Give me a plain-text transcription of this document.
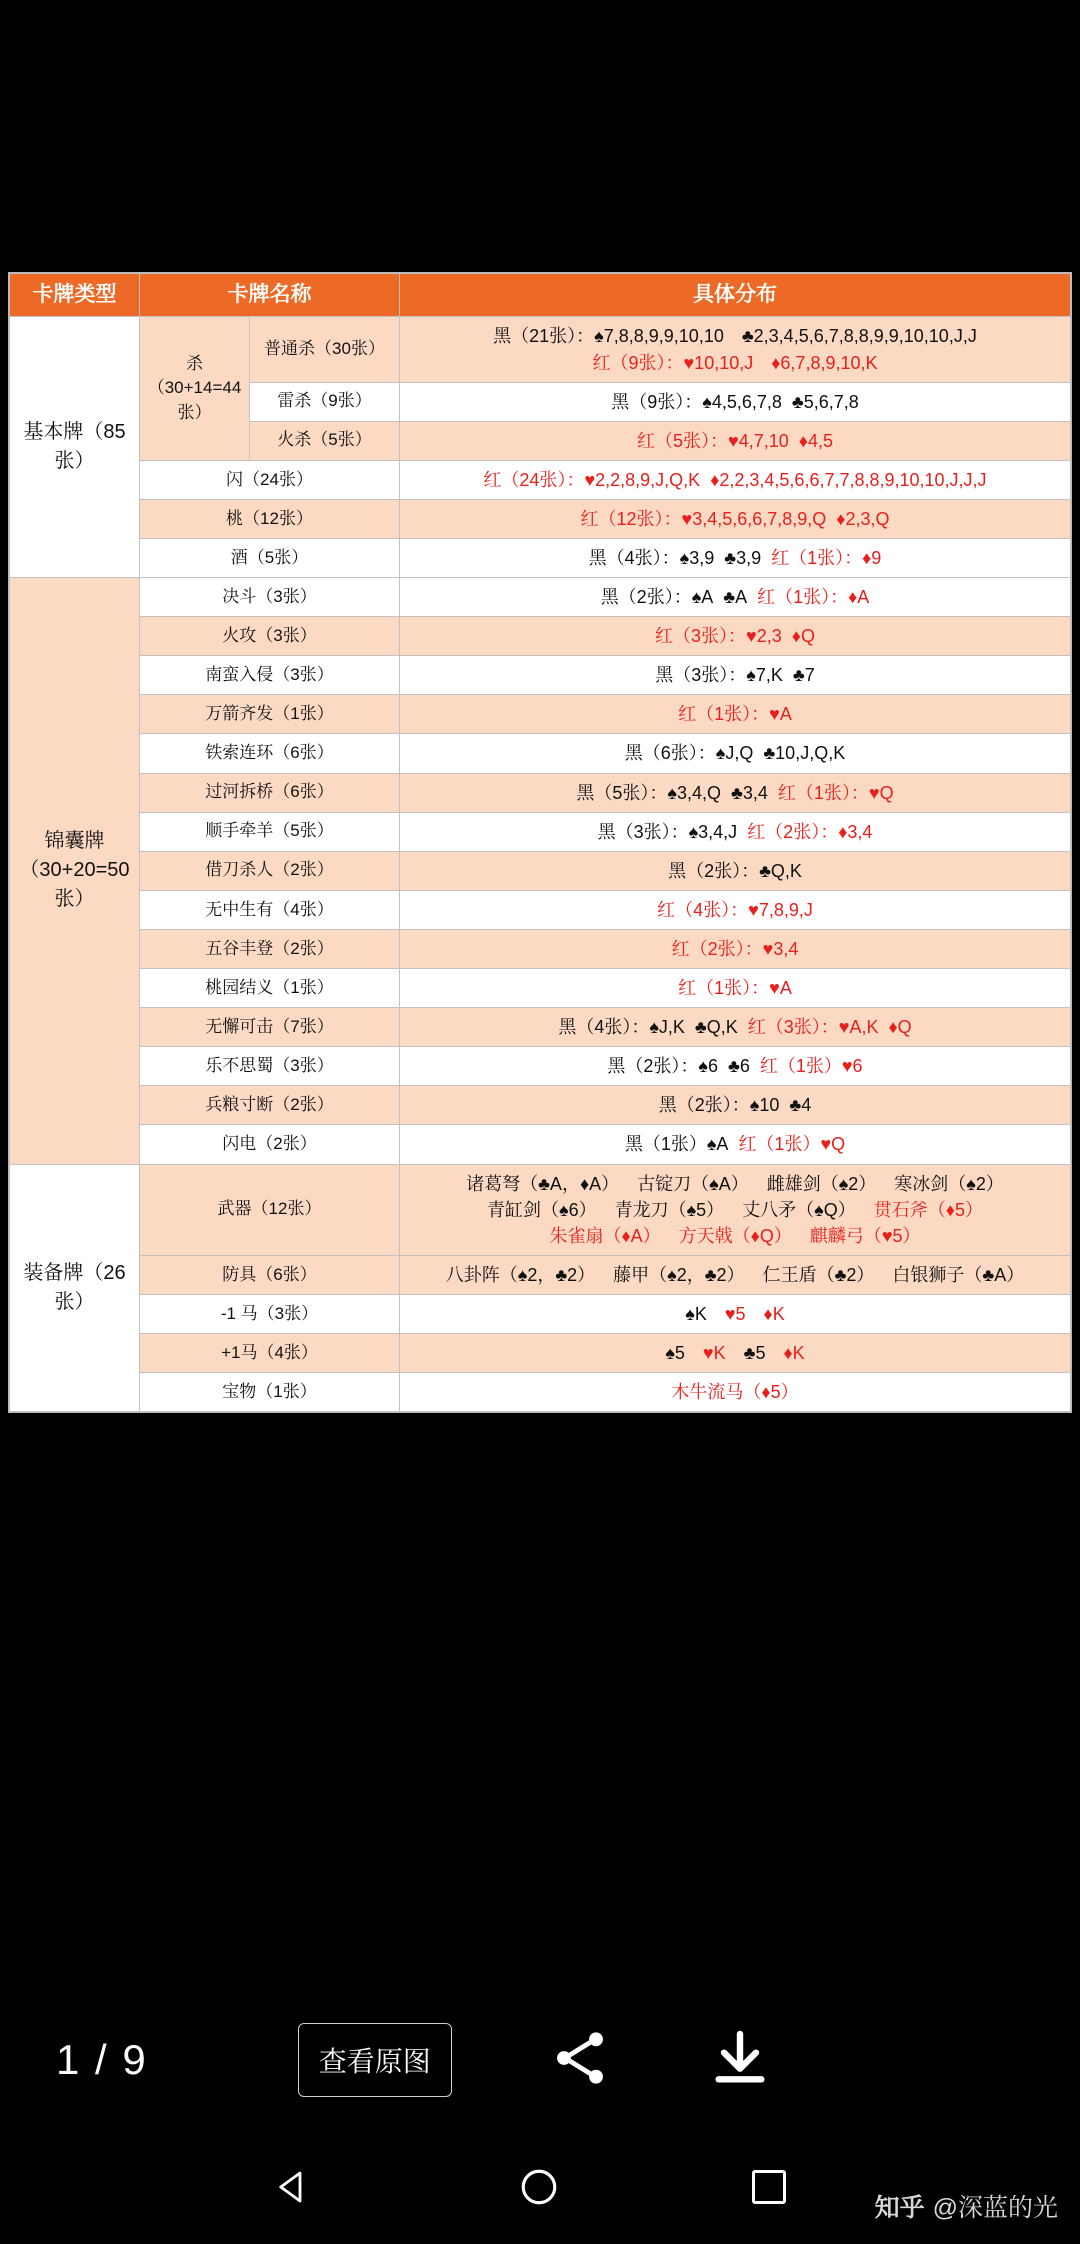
卡牌类型	卡牌名称		具体分布
基本牌（85张）	杀（30+14=44张）	普通杀（30张）	黑（21张）：♠7,8,8,9,9,10,10 ♣2,3,4,5,6,7,8,8,9,9,10,10,J,J
红（9张）：♥10,10,J ♦6,7,8,9,10,K
		雷杀（9张）	黑（9张）：♠4,5,6,7,8 ♣5,6,7,8
		火杀（5张）	红（5张）：♥4,7,10 ♦4,5
	闪（24张）		红（24张）：♥2,2,8,9,J,Q,K ♦2,2,3,4,5,6,6,7,7,8,8,9,10,10,J,J,J
	桃（12张）		红（12张）：♥3,4,5,6,6,7,8,9,Q ♦2,3,Q
	酒（5张）		黑（4张）：♠3,9 ♣3,9 红（1张）：♦9
锦囊牌（30+20=50张）	决斗（3张）		黑（2张）：♠A ♣A 红（1张）：♦A
	火攻（3张）		红（3张）：♥2,3 ♦Q
	南蛮入侵（3张）		黑（3张）：♠7,K ♣7
	万箭齐发（1张）		红（1张）：♥A
	铁索连环（6张）		黑（6张）：♠J,Q ♣10,J,Q,K
	过河拆桥（6张）		黑（5张）：♠3,4,Q ♣3,4 红（1张）：♥Q
	顺手牵羊（5张）		黑（3张）：♠3,4,J 红（2张）：♦3,4
	借刀杀人（2张）		黑（2张）：♣Q,K
	无中生有（4张）		红（4张）：♥7,8,9,J
	五谷丰登（2张）		红（2张）：♥3,4
	桃园结义（1张）		红（1张）：♥A
	无懈可击（7张）		黑（4张）：♠J,K ♣Q,K 红（3张）：♥A,K ♦Q
	乐不思蜀（3张）		黑（2张）：♠6 ♣6 红（1张）♥6
	兵粮寸断（2张）		黑（2张）：♠10 ♣4
	闪电（2张）		黑（1张）♠A 红（1张）♥Q
装备牌（26张）	武器（12张）		诸葛弩（♣A，♦A） 古锭刀（♠A） 雌雄剑（♠2） 寒冰剑（♠2）
青缸剑（♠6） 青龙刀（♠5） 丈八矛（♠Q） 贯石斧（♦5）
朱雀扇（♦A） 方天戟（♦Q） 麒麟弓（♥5）
	防具（6张）		八卦阵（♠2，♣2） 藤甲（♠2，♣2） 仁王盾（♣2） 白银狮子（♣A）
	-1 马（3张）		♠K ♥5 ♦K
	+1马（4张）		♠5 ♥K ♣5 ♦K
	宝物（1张）		木牛流马（♦5）
1 / 9	查看原图
知乎 @深蓝的光
